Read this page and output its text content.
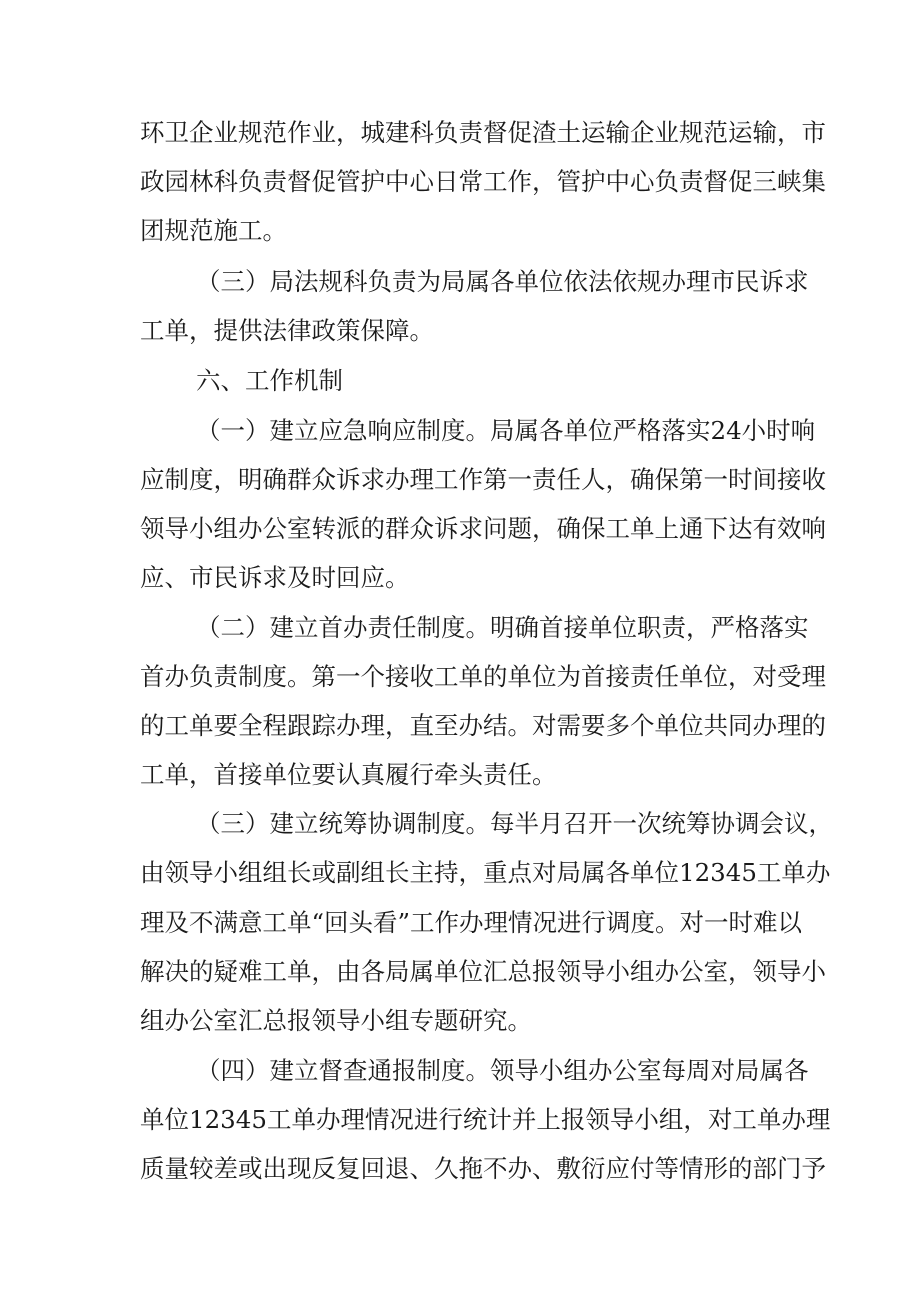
环卫企业规范作业，城建科负责督促渣土运输企业规范运输，市
政园林科负责督促管护中心日常工作，管护中心负责督促三峡集
团规范施工。
（三）局法规科负责为局属各单位依法依规办理市民诉求
工单，提供法律政策保障。
六、工作机制
（一）建立应急响应制度。局属各单位严格落实24小时响
应制度，明确群众诉求办理工作第一责任人，确保第一时间接收
领导小组办公室转派的群众诉求问题，确保工单上通下达有效响
应、市民诉求及时回应。
（二）建立首办责任制度。明确首接单位职责，严格落实
首办负责制度。第一个接收工单的单位为首接责任单位，对受理
的工单要全程跟踪办理，直至办结。对需要多个单位共同办理的
工单，首接单位要认真履行牵头责任。
（三）建立统筹协调制度。每半月召开一次统筹协调会议，
由领导小组组长或副组长主持，重点对局属各单位12345工单办
理及不满意工单“回头看”工作办理情况进行调度。对一时难以
解决的疑难工单，由各局属单位汇总报领导小组办公室，领导小
组办公室汇总报领导小组专题研究。
（四）建立督查通报制度。领导小组办公室每周对局属各
单位12345工单办理情况进行统计并上报领导小组，对工单办理
质量较差或出现反复回退、久拖不办、敷衍应付等情形的部门予
